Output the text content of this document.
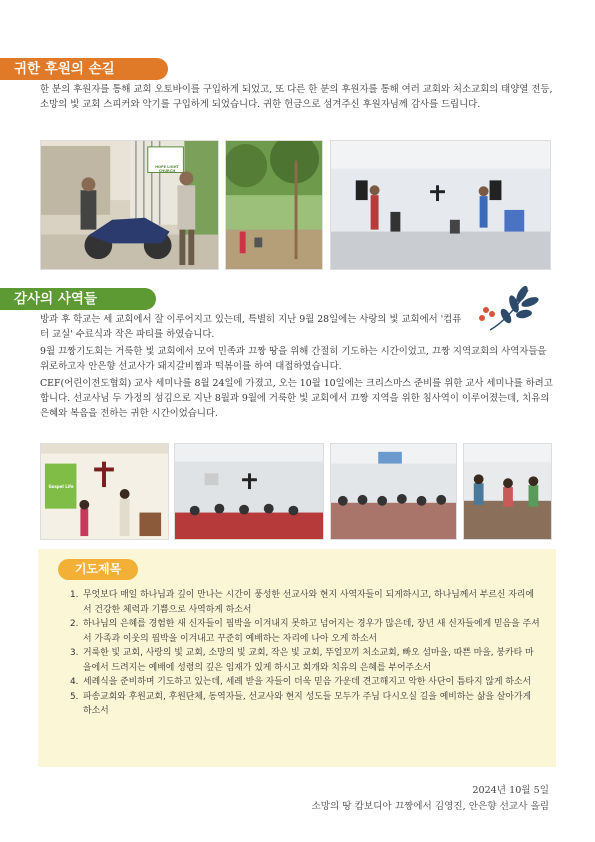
귀한 후원의 손길

한 분의 후원자를 통해 교회 오토바이를 구입하게 되었고, 또 다른 한 분의 후원자를 통해 여러 교회와 처소교회의 태양열 전등, 소망의 빛 교회 스피커와 악기를 구입하게 되었습니다. 귀한 헌금으로 섬겨주신 후원자님께 감사를 드립니다.

HOPE LIGHT CHURCH
감사의 사역들

방과 후 학교는 세 교회에서 잘 이루어지고 있는데, 특별히 지난 9월 28일에는 사랑의 빛 교회에서 '컴퓨터 교실' 수료식과 작은 파티를 하였습니다.

9월 끄짱기도회는 거룩한 빛 교회에서 모여 민족과 끄짱 땅을 위해 간절히 기도하는 시간이었고, 끄짱 지역교회의 사역자들을 위로하고자 안은향 선교사가 돼지갈비찜과 떡볶이를 하여 대접하였습니다.

CEF(어린이전도협회) 교사 세미나를 8월 24일에 가졌고, 오는 10월 10일에는 크리스마스 준비를 위한 교사 세미나를 하려고 합니다. 선교사님 두 가정의 섬김으로 지난 8월과 9월에 거룩한 빛 교회에서 끄짱 지역을 위한 침사역이 이루어졌는데, 치유의 은혜와 복음을 전하는 귀한 시간이었습니다.

Gospel Life
기도제목
1. 무엇보다 매일 하나님과 깊이 만나는 시간이 풍성한 선교사와 현지 사역자들이 되게하시고, 하나님께서 부르신 자리에서 건강한 체력과 기쁨으로 사역하게 하소서
2. 하나님의 은혜를 경험한 새 신자들이 핍박을 이겨내지 못하고 넘어지는 경우가 많은데, 장년 새 신자들에게 믿음을 주셔서 가족과 이웃의 핍박을 이겨내고 꾸준히 예배하는 자리에 나아 오게 하소서
3. 거룩한 빛 교회, 사랑의 빛 교회, 소망의 빛 교회, 작은 빛 교회, 뚜얼꼬끼 처소교회, 빠오 섬마을, 따쁜 마을, 붕카타 마을에서 드려지는 예배에 성령의 깊은 임재가 있게 하시고 회개와 치유의 은혜를 부어주소서
4. 세례식을 준비하며 기도하고 있는데, 세례 받을 자들이 더욱 믿음 가운데 견고해지고 악한 사단이 틈타지 않게 하소서
5. 파송교회와 후원교회, 후원단체, 동역자들, 선교사와 현지 성도들 모두가 주님 다시오실 길을 예비하는 삶을 살아가게 하소서
2024년 10월 5일
소망의 땅 캄보디아 끄짱에서 김영진, 안은향 선교사 올림
